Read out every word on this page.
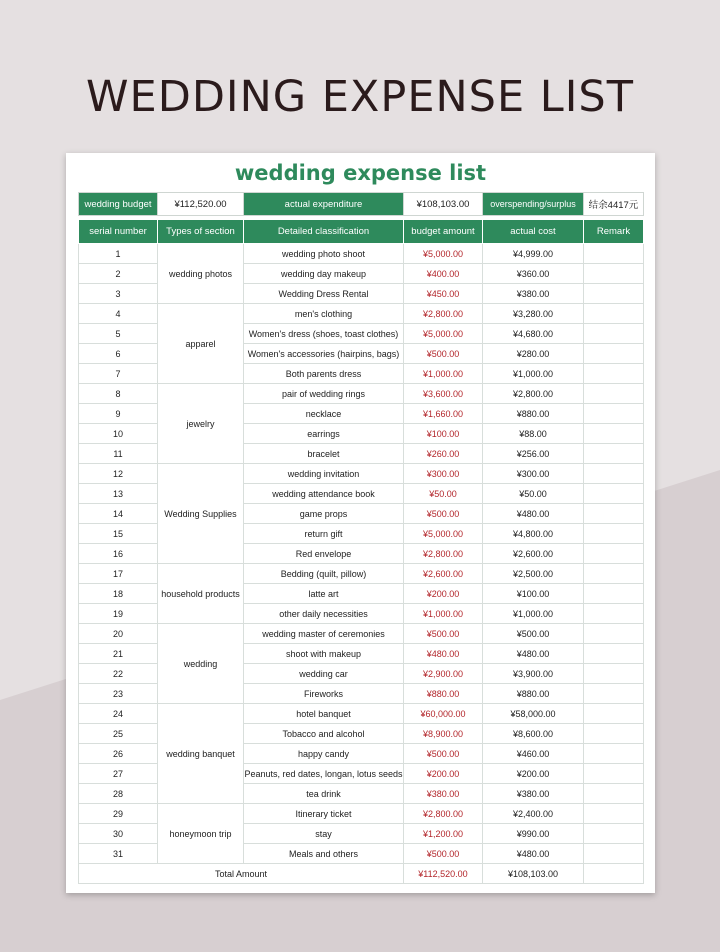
WEDDING EXPENSE LIST
wedding expense list
wedding budget	¥112,520.00	actual expenditure	¥108,103.00	overspending/surplus	结余4417元
serial number	Types of section	Detailed classification	budget amount	actual cost	Remark
1	wedding photos	wedding photo shoot	¥5,000.00	¥4,999.00	
2		wedding day makeup	¥400.00	¥360.00	
3		Wedding Dress Rental	¥450.00	¥380.00	
4	apparel	men's clothing	¥2,800.00	¥3,280.00	
5		Women's dress (shoes, toast clothes)	¥5,000.00	¥4,680.00	
6		Women's accessories (hairpins, bags)	¥500.00	¥280.00	
7		Both parents dress	¥1,000.00	¥1,000.00	
8	jewelry	pair of wedding rings	¥3,600.00	¥2,800.00	
9		necklace	¥1,660.00	¥880.00	
10		earrings	¥100.00	¥88.00	
11		bracelet	¥260.00	¥256.00	
12	Wedding Supplies	wedding invitation	¥300.00	¥300.00	
13		wedding attendance book	¥50.00	¥50.00	
14		game props	¥500.00	¥480.00	
15		return gift	¥5,000.00	¥4,800.00	
16		Red envelope	¥2,800.00	¥2,600.00	
17	household products	Bedding (quilt, pillow)	¥2,600.00	¥2,500.00	
18		latte art	¥200.00	¥100.00	
19		other daily necessities	¥1,000.00	¥1,000.00	
20	wedding	wedding master of ceremonies	¥500.00	¥500.00	
21		shoot with makeup	¥480.00	¥480.00	
22		wedding car	¥2,900.00	¥3,900.00	
23		Fireworks	¥880.00	¥880.00	
24	wedding banquet	hotel banquet	¥60,000.00	¥58,000.00	
25		Tobacco and alcohol	¥8,900.00	¥8,600.00	
26		happy candy	¥500.00	¥460.00	
27		Peanuts, red dates, longan, lotus seeds	¥200.00	¥200.00	
28		tea drink	¥380.00	¥380.00	
29	honeymoon trip	Itinerary ticket	¥2,800.00	¥2,400.00	
30		stay	¥1,200.00	¥990.00	
31		Meals and others	¥500.00	¥480.00	
Total Amount			¥112,520.00	¥108,103.00	
